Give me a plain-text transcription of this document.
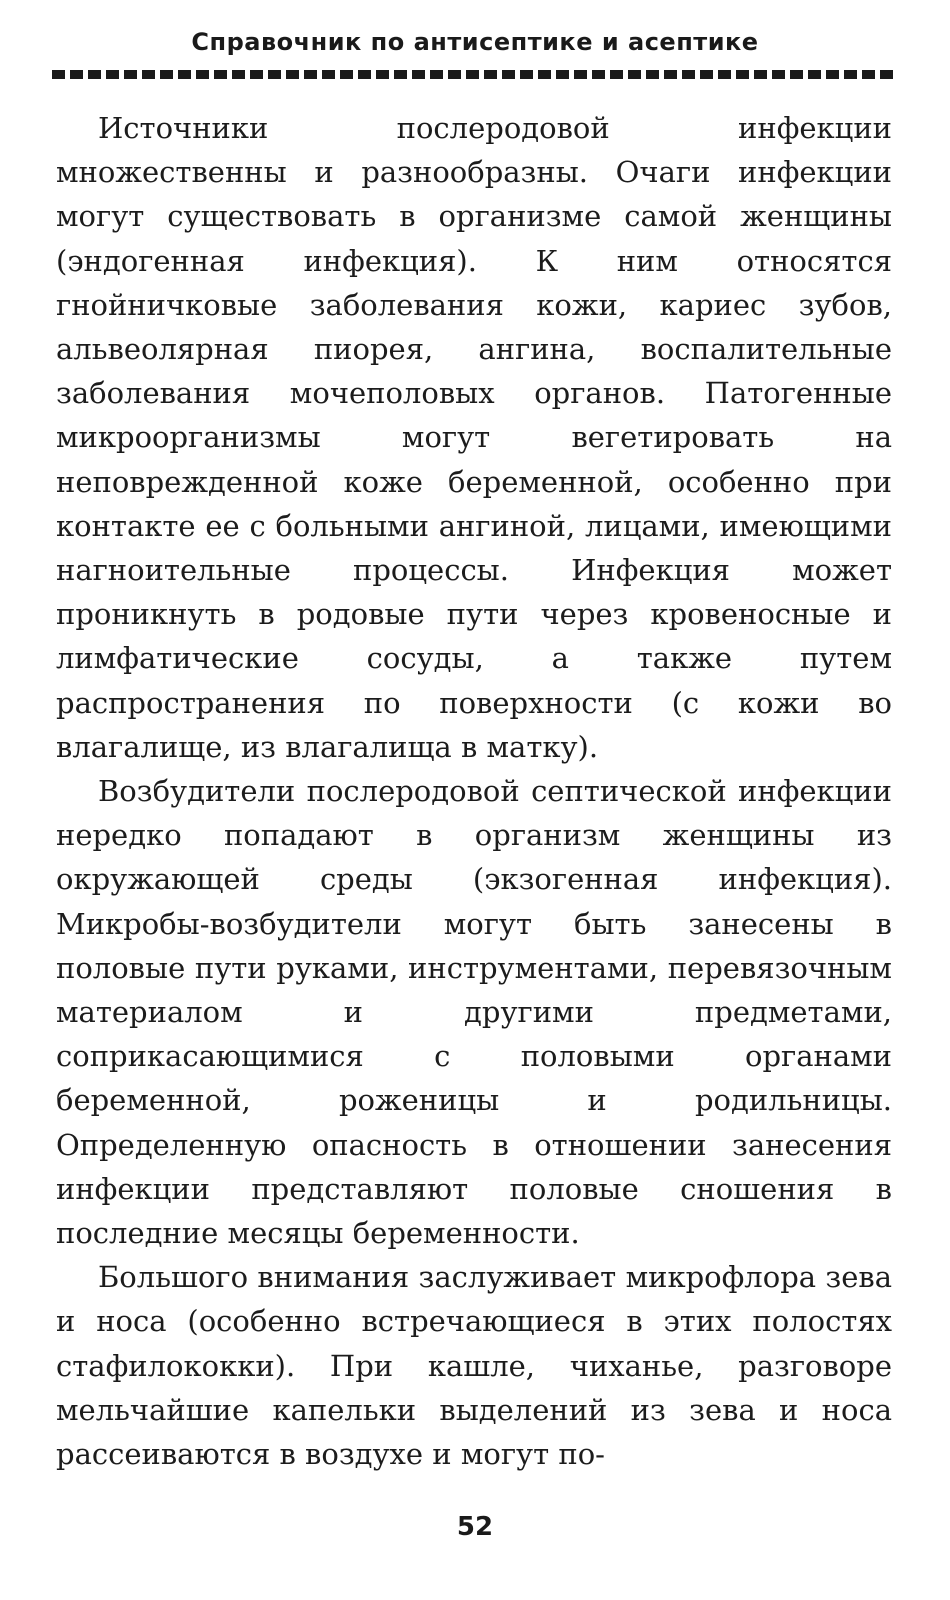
Справочник по антисептике и асептике

Источники послеродовой инфекции множественны и разнообразны. Очаги инфекции могут существовать в организме самой женщины (эндогенная инфекция). К ним относятся гнойничковые заболевания кожи, кариес зубов, альвеолярная пиорея, ангина, воспалительные заболевания мочеполовых органов. Патогенные микроорганизмы могут вегетировать на неповрежденной коже беременной, особенно при контакте ее с больными ангиной, лицами, имеющими нагноительные процессы. Инфекция может проникнуть в родовые пути через кровеносные и лимфатические сосуды, а также путем распространения по поверхности (с кожи во влагалище, из влагалища в матку).

Возбудители послеродовой септической инфекции нередко попадают в организм женщины из окружающей среды (экзогенная инфекция). Микробы-возбудители могут быть занесены в половые пути руками, инструментами, перевязочным материалом и другими предметами, соприкасающимися с половыми органами беременной, роженицы и родильницы. Определенную опасность в отношении занесения инфекции представляют половые сношения в последние месяцы беременности.

Большого внимания заслуживает микрофлора зева и носа (особенно встречающиеся в этих полостях стафилококки). При кашле, чиханье, разговоре мельчайшие капельки выделений из зева и носа рассеиваются в воздухе и могут по-

52
